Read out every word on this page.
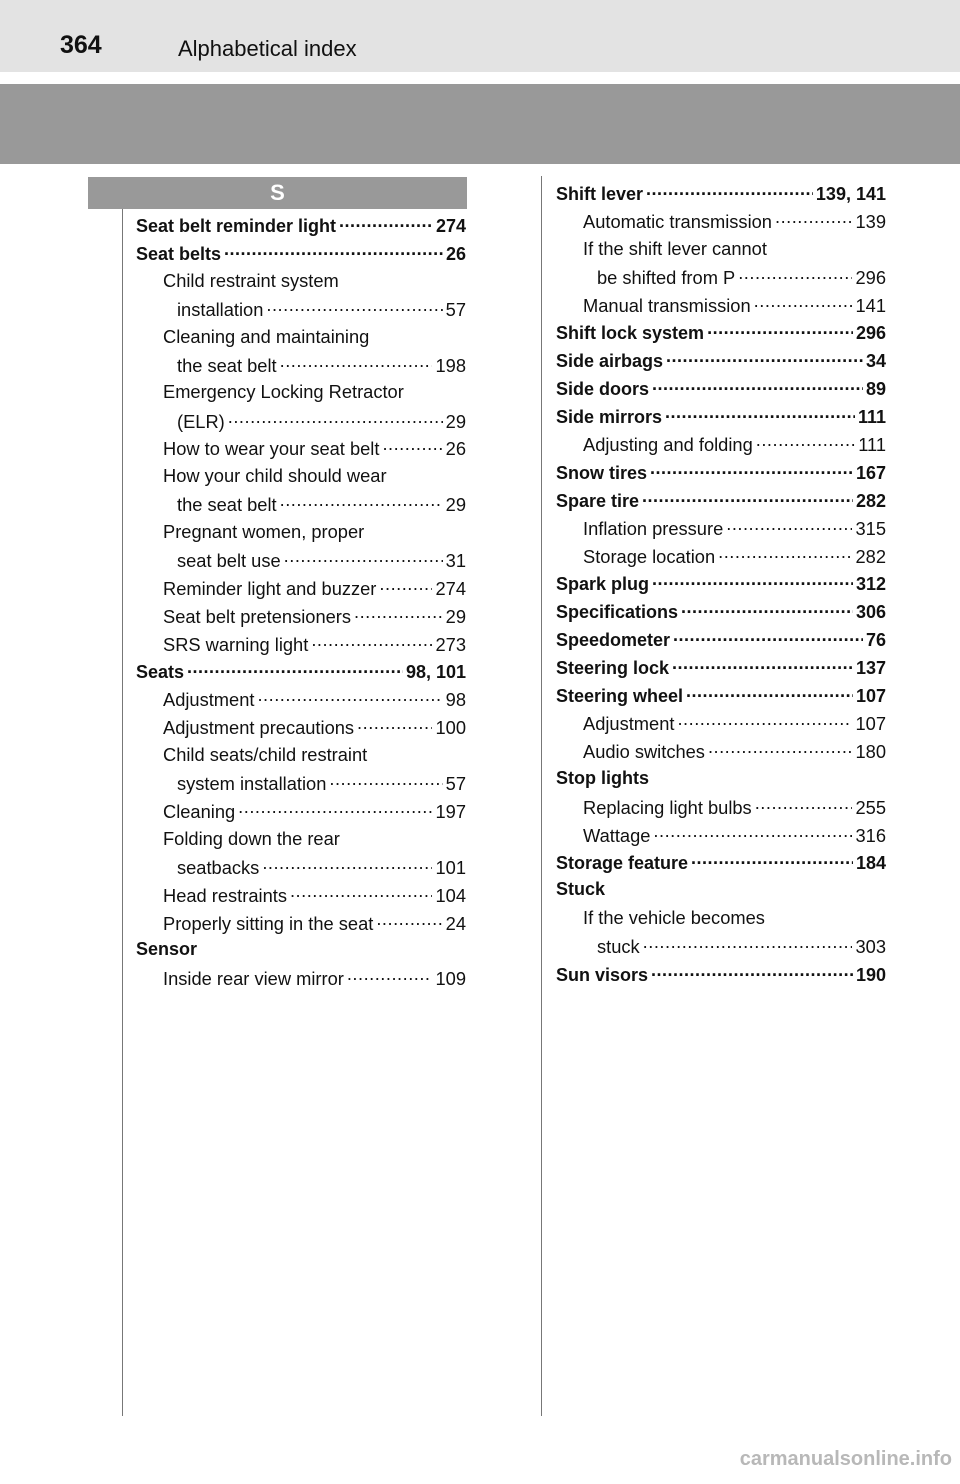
364	Alphabetical index
S
Seat belt reminder light .....	274
Seat belts .....	26
Child restraint system
installation .....	57
Cleaning and maintaining
the seat belt .....	198
Emergency Locking Retractor
(ELR) .....	29
How to wear your seat belt .....	26
How your child should wear
the seat belt .....	29
Pregnant women, proper
seat belt use .....	31
Reminder light and buzzer .....	274
Seat belt pretensioners .....	29
SRS warning light .....	273
Seats .....	98, 101
Adjustment .....	98
Adjustment precautions .....	100
Child seats/child restraint
system installation .....	57
Cleaning .....	197
Folding down the rear
seatbacks .....	101
Head restraints .....	104
Properly sitting in the seat .....	24
Sensor
Inside rear view mirror .....	109
Shift lever .....	139, 141
Automatic transmission .....	139
If the shift lever cannot
be shifted from P .....	296
Manual transmission .....	141
Shift lock system .....	296
Side airbags .....	34
Side doors .....	89
Side mirrors .....	111
Adjusting and folding .....	111
Snow tires .....	167
Spare tire .....	282
Inflation pressure .....	315
Storage location .....	282
Spark plug .....	312
Specifications .....	306
Speedometer .....	76
Steering lock .....	137
Steering wheel .....	107
Adjustment .....	107
Audio switches .....	180
Stop lights
Replacing light bulbs .....	255
Wattage .....	316
Storage feature .....	184
Stuck
If the vehicle becomes
stuck .....	303
Sun visors .....	190
carmanualsonline.info
